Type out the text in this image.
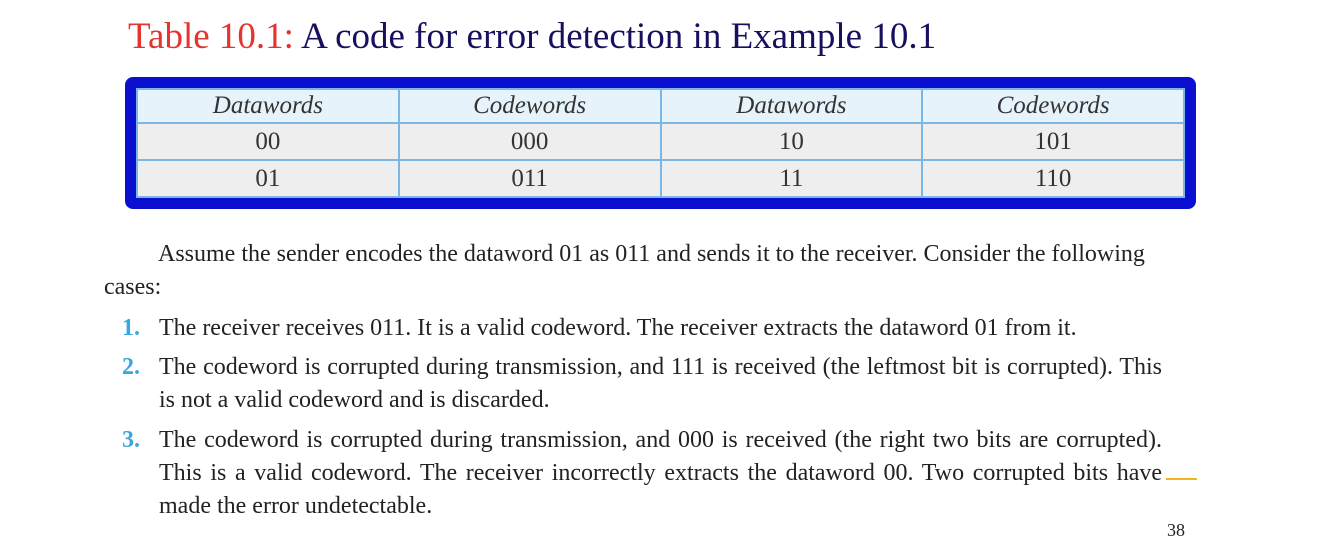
Table 10.1: A code for error detection in Example 10.1
Datawords	Codewords	Datawords	Codewords
00	000	10	101
01	011	11	110
Assume the sender encodes the dataword 01 as 011 and sends it to the receiver. Consider the following cases:
1. The receiver receives 011. It is a valid codeword. The receiver extracts the dataword 01 from it.
2. The codeword is corrupted during transmission, and 111 is received (the leftmost bit is corrupted). This is not a valid codeword and is discarded.
3. The codeword is corrupted during transmission, and 000 is received (the right two bits are corrupted). This is a valid codeword. The receiver incorrectly extracts the dataword 00. Two corrupted bits have made the error undetectable.
38
